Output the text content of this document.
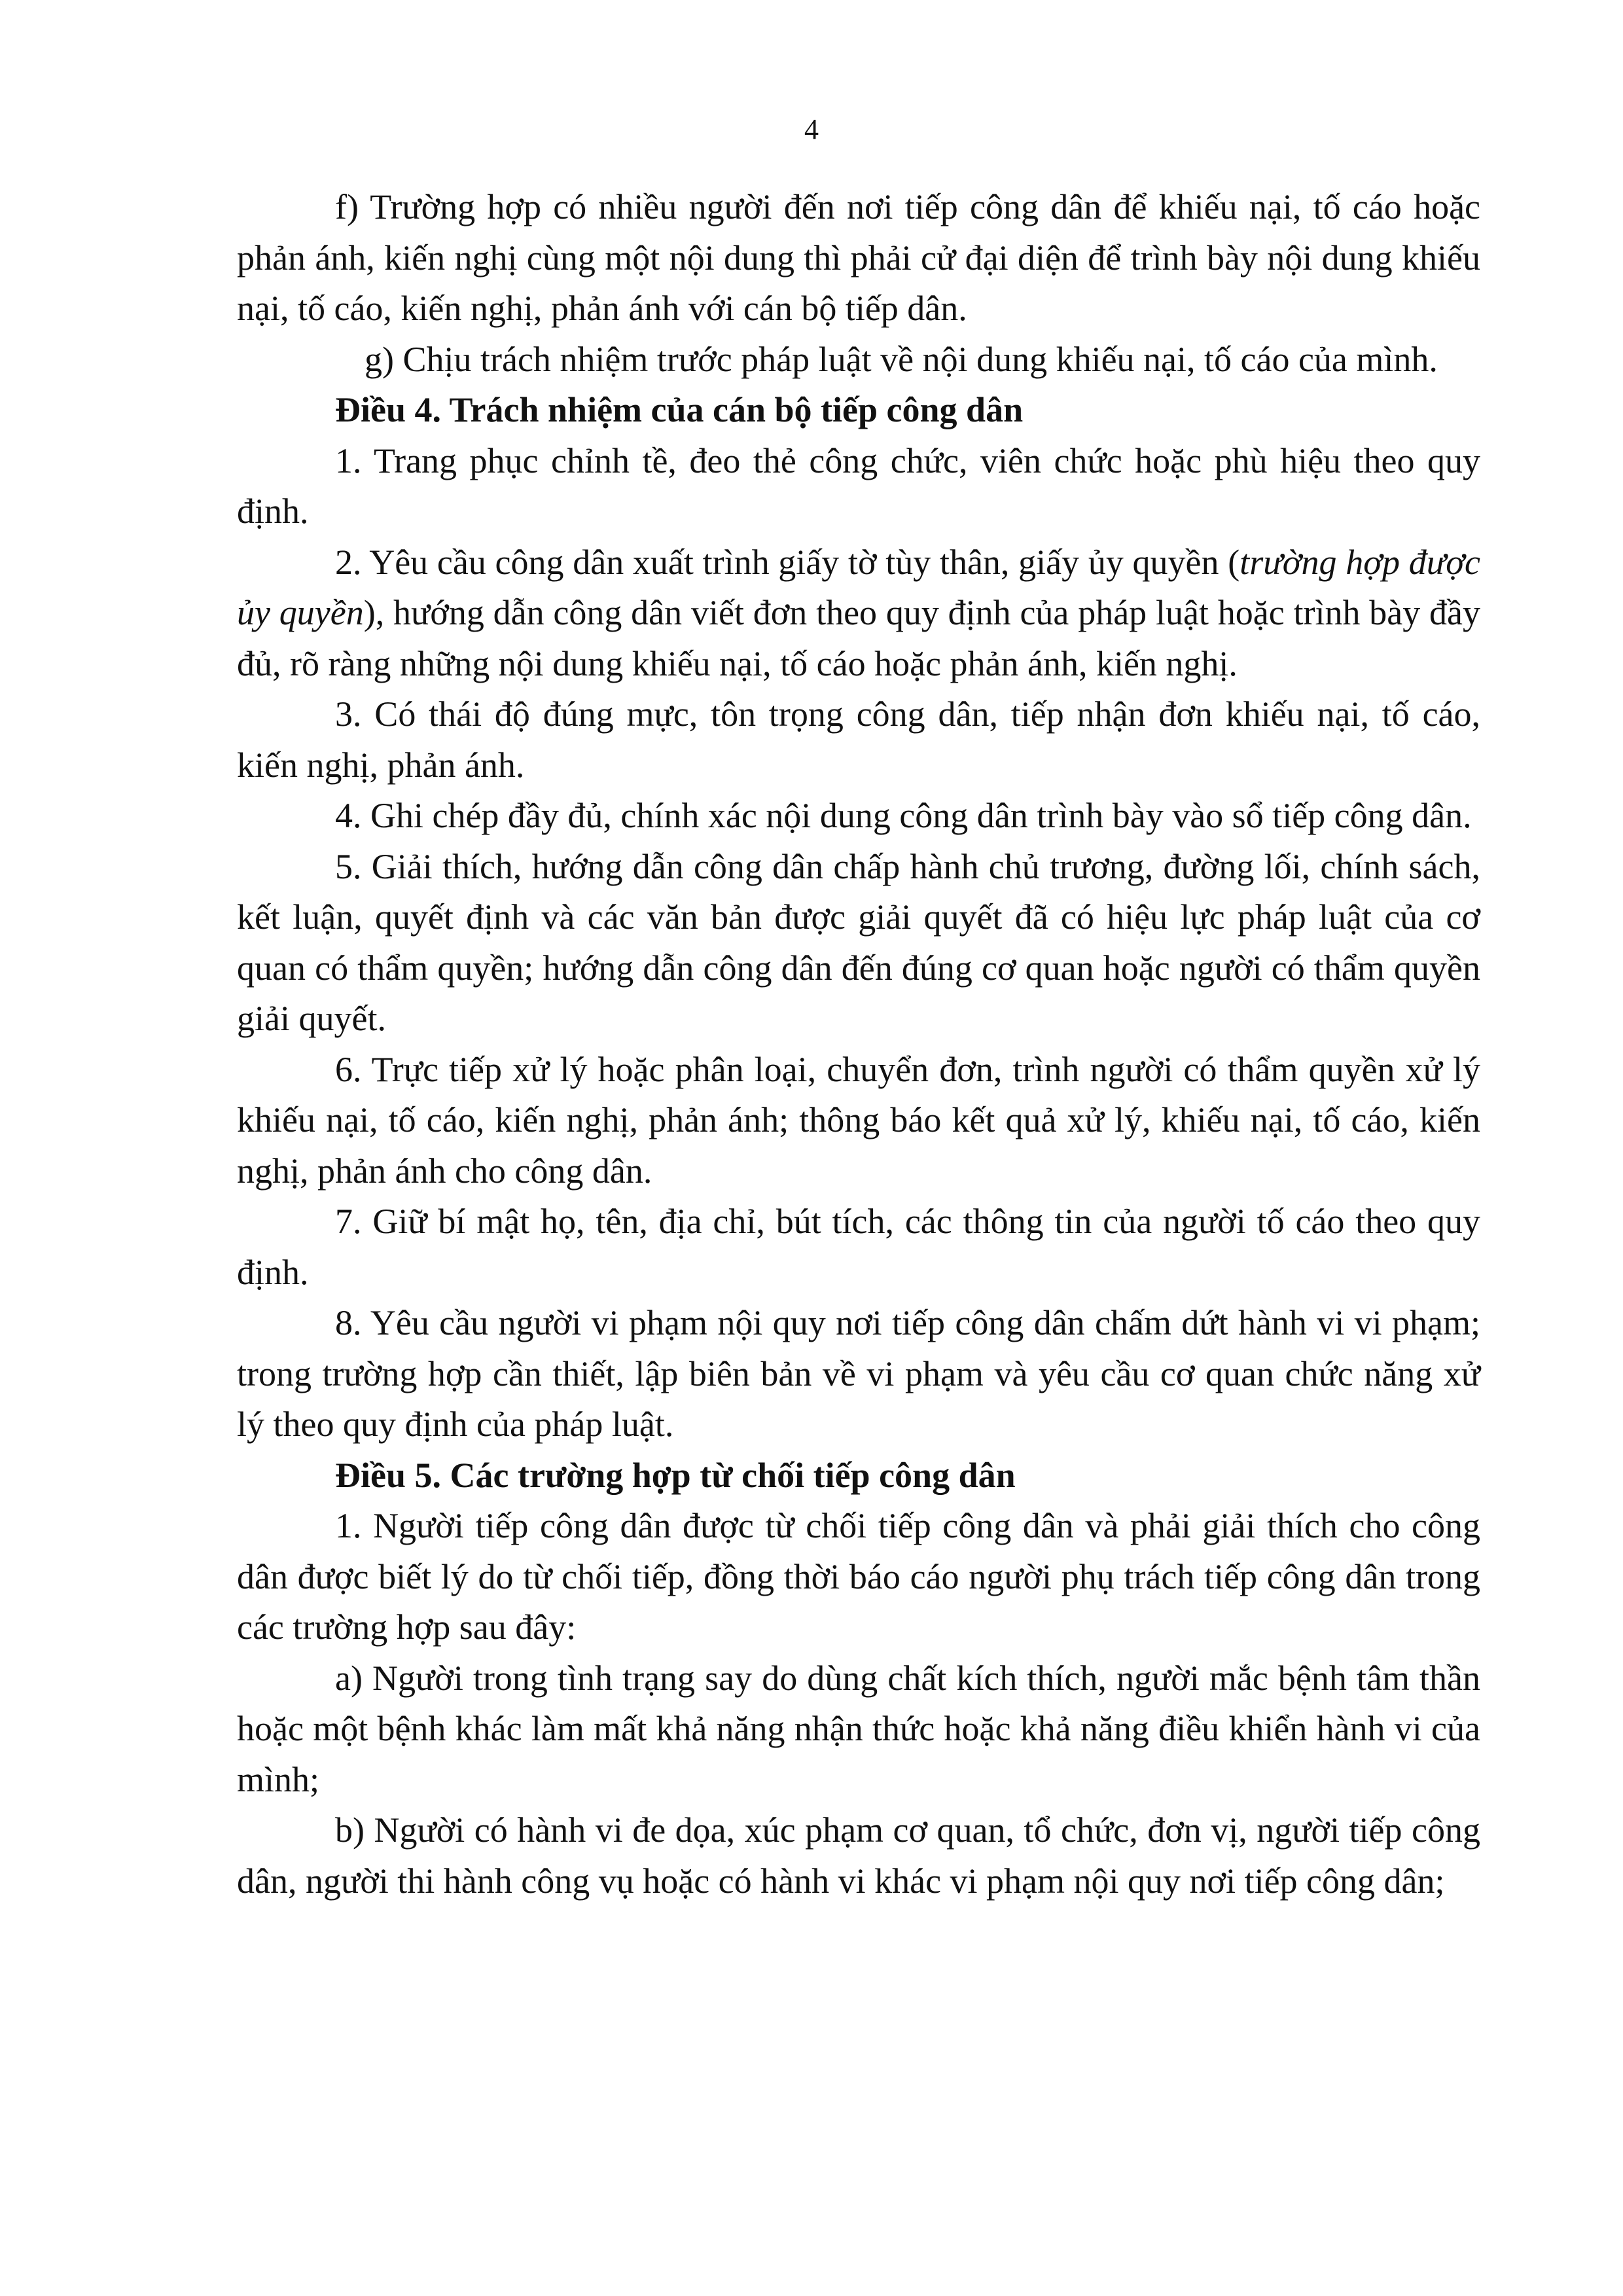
4

f) Trường hợp có nhiều người đến nơi tiếp công dân để khiếu nại, tố cáo hoặc phản ánh, kiến nghị cùng một nội dung thì phải cử đại diện để trình bày nội dung khiếu nại, tố cáo, kiến nghị, phản ánh với cán bộ tiếp dân.

g) Chịu trách nhiệm trước pháp luật về nội dung khiếu nại, tố cáo của mình.

Điều 4. Trách nhiệm của cán bộ tiếp công dân

1. Trang phục chỉnh tề, đeo thẻ công chức, viên chức hoặc phù hiệu theo quy định.

2. Yêu cầu công dân xuất trình giấy tờ tùy thân, giấy ủy quyền (trường hợp được ủy quyền), hướng dẫn công dân viết đơn theo quy định của pháp luật hoặc trình bày đầy đủ, rõ ràng những nội dung khiếu nại, tố cáo hoặc phản ánh, kiến nghị.

3. Có thái độ đúng mực, tôn trọng công dân, tiếp nhận đơn khiếu nại, tố cáo, kiến nghị, phản ánh.

4. Ghi chép đầy đủ, chính xác nội dung công dân trình bày vào sổ tiếp công dân.

5. Giải thích, hướng dẫn công dân chấp hành chủ trương, đường lối, chính sách, kết luận, quyết định và các văn bản được giải quyết đã có hiệu lực pháp luật của cơ quan có thẩm quyền; hướng dẫn công dân đến đúng cơ quan hoặc người có thẩm quyền giải quyết.

6. Trực tiếp xử lý hoặc phân loại, chuyển đơn, trình người có thẩm quyền xử lý khiếu nại, tố cáo, kiến nghị, phản ánh; thông báo kết quả xử lý, khiếu nại, tố cáo, kiến nghị, phản ánh cho công dân.

7. Giữ bí mật họ, tên, địa chỉ, bút tích, các thông tin của người tố cáo theo quy định.

8. Yêu cầu người vi phạm nội quy nơi tiếp công dân chấm dứt hành vi vi phạm; trong trường hợp cần thiết, lập biên bản về vi phạm và yêu cầu cơ quan chức năng xử lý theo quy định của pháp luật.

Điều 5. Các trường hợp từ chối tiếp công dân

1. Người tiếp công dân được từ chối tiếp công dân và phải giải thích cho công dân được biết lý do từ chối tiếp, đồng thời báo cáo người phụ trách tiếp công dân trong các trường hợp sau đây:

a) Người trong tình trạng say do dùng chất kích thích, người mắc bệnh tâm thần hoặc một bệnh khác làm mất khả năng nhận thức hoặc khả năng điều khiển hành vi của mình;

b) Người có hành vi đe dọa, xúc phạm cơ quan, tổ chức, đơn vị, người tiếp công dân, người thi hành công vụ hoặc có hành vi khác vi phạm nội quy nơi tiếp công dân;
